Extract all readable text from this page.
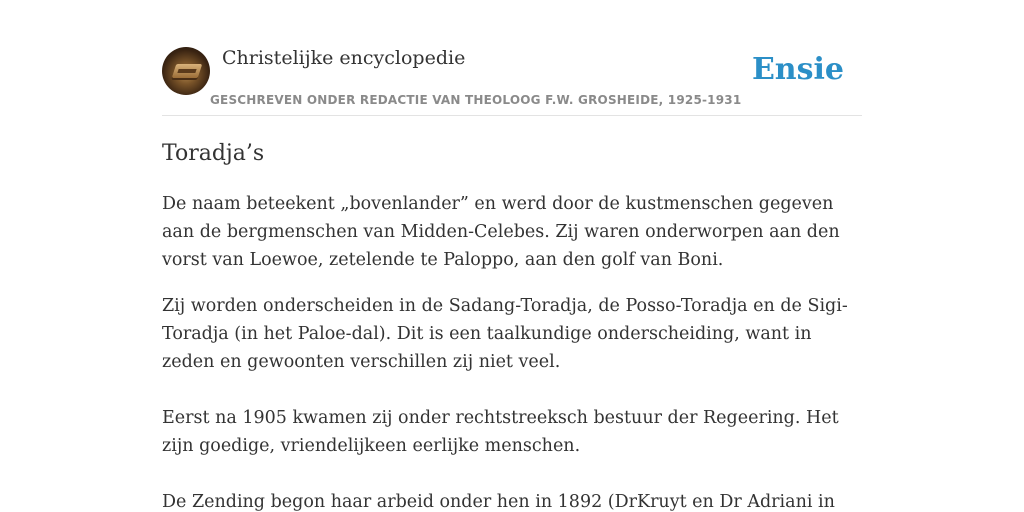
Christelijke encyclopedie
GESCHREVEN ONDER REDACTIE VAN THEOLOOG F.W. GROSHEIDE, 1925-1931
Ensie
Toradja’s

De naam beteekent „bovenlander” en werd door de kustmenschen gegeven aan de bergmenschen van Midden-Celebes. Zij waren onderworpen aan den vorst van Loewoe, zetelende te Paloppo, aan den golf van Boni.

Zij worden onderscheiden in de Sadang-Toradja, de Posso-Toradja en de Sigi-Toradja (in het Paloe-dal). Dit is een taalkundige onderscheiding, want in zeden en gewoonten verschillen zij niet veel.

Eerst na 1905 kwamen zij onder rechtstreeksch bestuur der Regeering. Het zijn goedige, vriendelijkeen eerlijke menschen.

De Zending begon haar arbeid onder hen in 1892 (DrKruyt en Dr Adriani in
